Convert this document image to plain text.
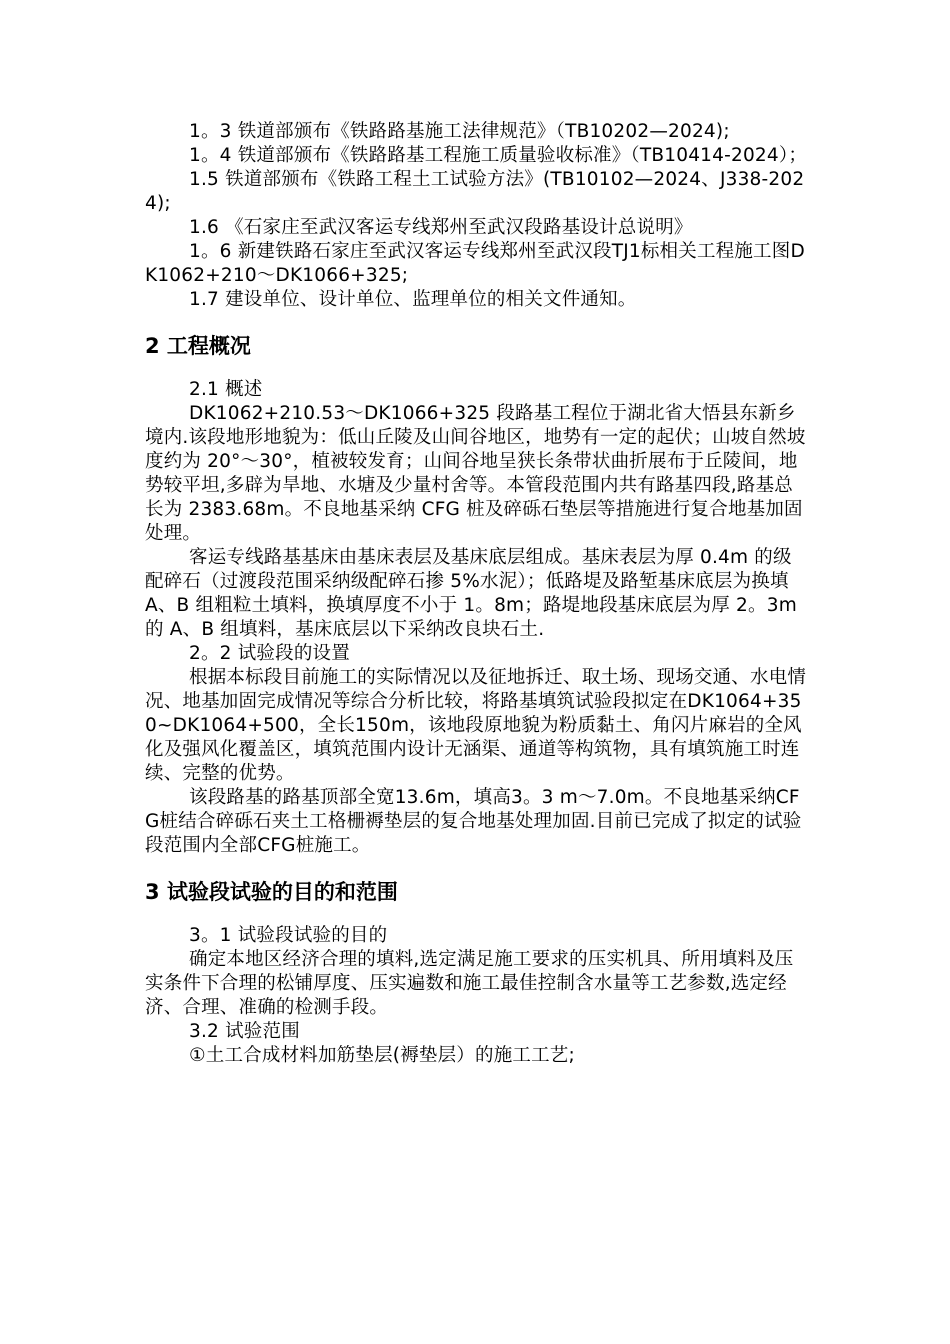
1。3 铁道部颁布《铁路路基施工法律规范》（TB10202—2024);

1。4 铁道部颁布《铁路路基工程施工质量验收标准》（TB10414-2024）；

1.5 铁道部颁布《铁路工程土工试验方法》(TB10102—2024、J338-2024);

1.6 《石家庄至武汉客运专线郑州至武汉段路基设计总说明》

1。6 新建铁路石家庄至武汉客运专线郑州至武汉段TJ1标相关工程施工图DK1062+210～DK1066+325;

1.7 建设单位、设计单位、监理单位的相关文件通知。

2 工程概况

2.1 概述

DK1062+210.53～DK1066+325 段路基工程位于湖北省大悟县东新乡境内.该段地形地貌为：低山丘陵及山间谷地区，地势有一定的起伏；山坡自然坡度约为 20°～30°，植被较发育；山间谷地呈狭长条带状曲折展布于丘陵间，地势较平坦,多辟为旱地、水塘及少量村舍等。本管段范围内共有路基四段,路基总长为 2383.68m。不良地基采纳 CFG 桩及碎砾石垫层等措施进行复合地基加固处理。

客运专线路基基床由基床表层及基床底层组成。基床表层为厚 0.4m 的级配碎石（过渡段范围采纳级配碎石掺 5%水泥）；低路堤及路堑基床底层为换填 A、B 组粗粒土填料，换填厚度不小于 1。8m；路堤地段基床底层为厚 2。3m 的 A、B 组填料，基床底层以下采纳改良块石土.

2。2 试验段的设置

根据本标段目前施工的实际情况以及征地拆迁、取土场、现场交通、水电情况、地基加固完成情况等综合分析比较，将路基填筑试验段拟定在DK1064+350~DK1064+500，全长150m，该地段原地貌为粉质黏土、角闪片麻岩的全风化及强风化覆盖区，填筑范围内设计无涵渠、通道等构筑物，具有填筑施工时连续、完整的优势。

该段路基的路基顶部全宽13.6m，填高3。3 m～7.0m。不良地基采纳CFG桩结合碎砾石夹土工格栅褥垫层的复合地基处理加固.目前已完成了拟定的试验段范围内全部CFG桩施工。

3 试验段试验的目的和范围

3。1 试验段试验的目的

确定本地区经济合理的填料,选定满足施工要求的压实机具、所用填料及压实条件下合理的松铺厚度、压实遍数和施工最佳控制含水量等工艺参数,选定经济、合理、准确的检测手段。

3.2 试验范围

①土工合成材料加筋垫层(褥垫层）的施工工艺;
